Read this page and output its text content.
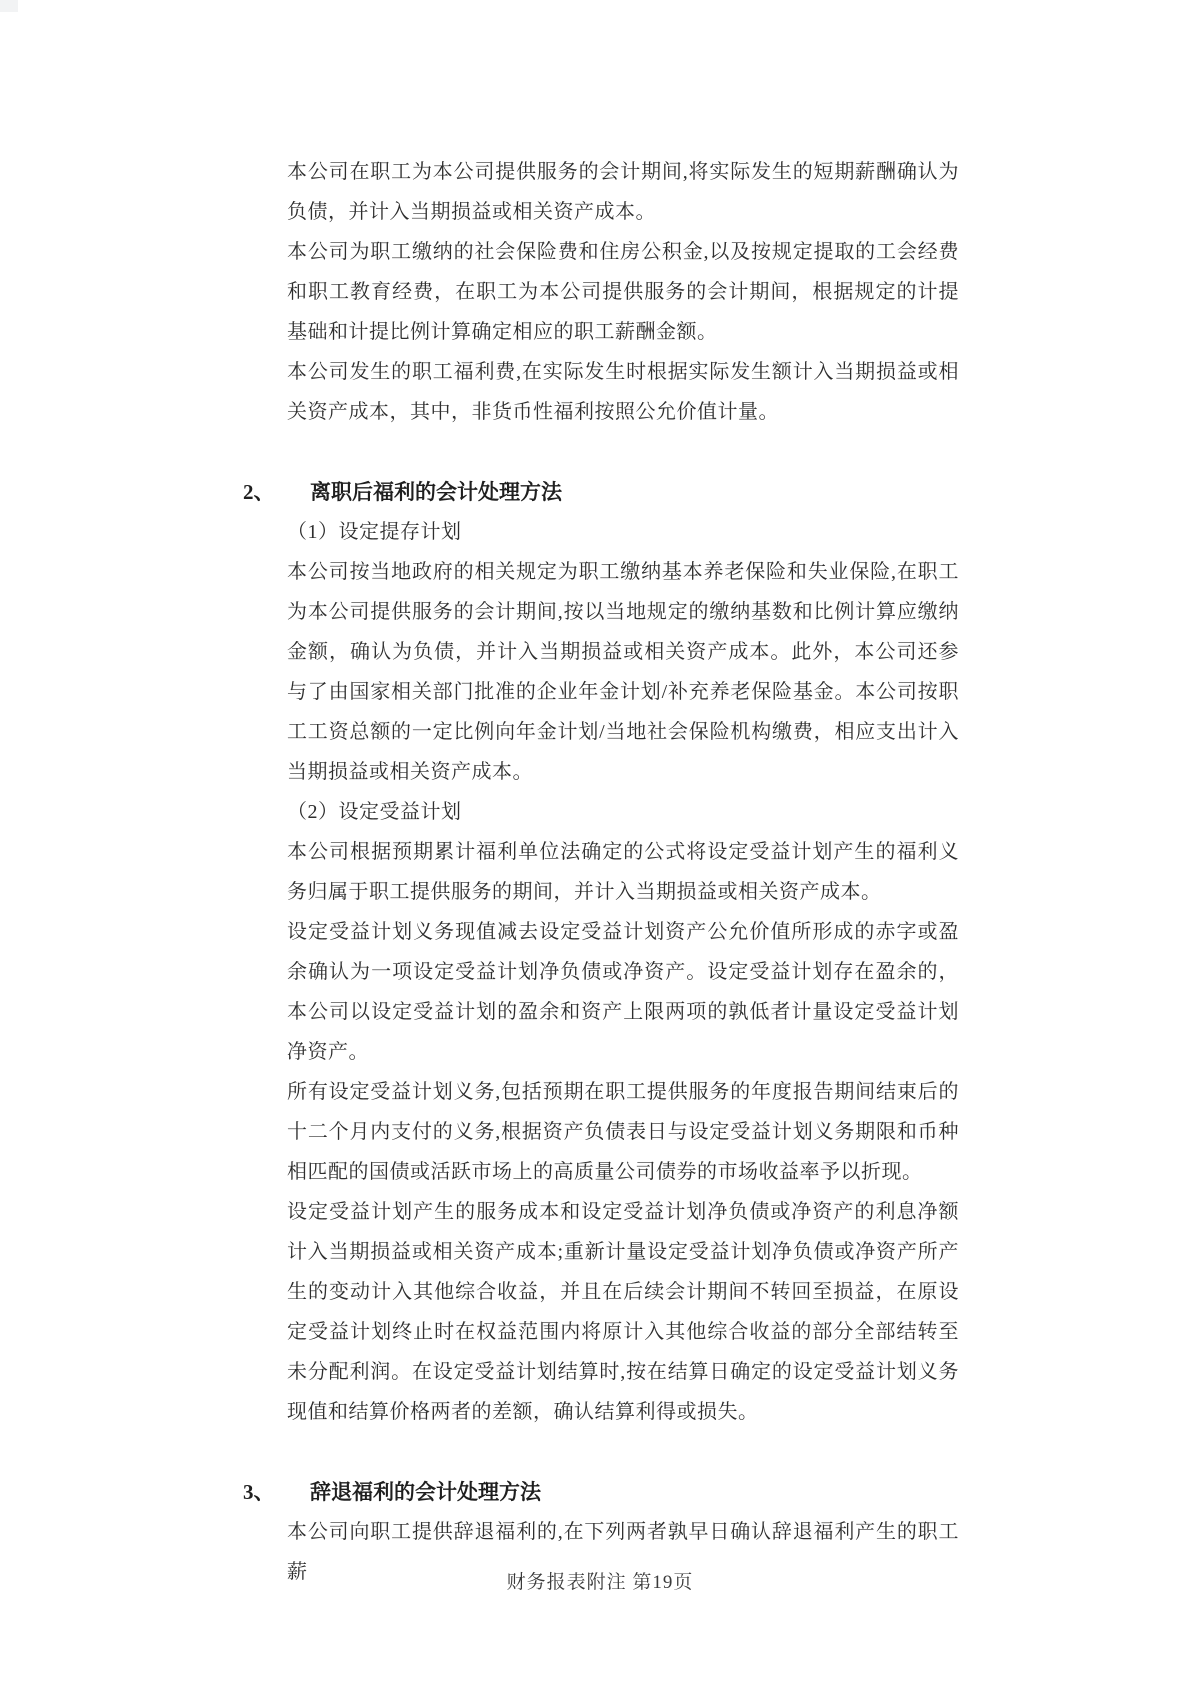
本公司在职工为本公司提供服务的会计期间,将实际发生的短期薪酬确认为负债，并计入当期损益或相关资产成本。

本公司为职工缴纳的社会保险费和住房公积金,以及按规定提取的工会经费和职工教育经费，在职工为本公司提供服务的会计期间，根据规定的计提基础和计提比例计算确定相应的职工薪酬金额。

本公司发生的职工福利费,在实际发生时根据实际发生额计入当期损益或相关资产成本，其中，非货币性福利按照公允价值计量。

2、	离职后福利的会计处理方法

（1）设定提存计划

本公司按当地政府的相关规定为职工缴纳基本养老保险和失业保险,在职工为本公司提供服务的会计期间,按以当地规定的缴纳基数和比例计算应缴纳金额，确认为负债，并计入当期损益或相关资产成本。此外，本公司还参与了由国家相关部门批准的企业年金计划/补充养老保险基金。本公司按职工工资总额的一定比例向年金计划/当地社会保险机构缴费，相应支出计入当期损益或相关资产成本。

（2）设定受益计划

本公司根据预期累计福利单位法确定的公式将设定受益计划产生的福利义务归属于职工提供服务的期间，并计入当期损益或相关资产成本。

设定受益计划义务现值减去设定受益计划资产公允价值所形成的赤字或盈余确认为一项设定受益计划净负债或净资产。设定受益计划存在盈余的，本公司以设定受益计划的盈余和资产上限两项的孰低者计量设定受益计划净资产。

所有设定受益计划义务,包括预期在职工提供服务的年度报告期间结束后的十二个月内支付的义务,根据资产负债表日与设定受益计划义务期限和币种相匹配的国债或活跃市场上的高质量公司债券的市场收益率予以折现。

设定受益计划产生的服务成本和设定受益计划净负债或净资产的利息净额计入当期损益或相关资产成本;重新计量设定受益计划净负债或净资产所产生的变动计入其他综合收益，并且在后续会计期间不转回至损益，在原设定受益计划终止时在权益范围内将原计入其他综合收益的部分全部结转至未分配利润。在设定受益计划结算时,按在结算日确定的设定受益计划义务现值和结算价格两者的差额，确认结算利得或损失。

3、	辞退福利的会计处理方法

本公司向职工提供辞退福利的,在下列两者孰早日确认辞退福利产生的职工薪	财务报表附注 第19页
